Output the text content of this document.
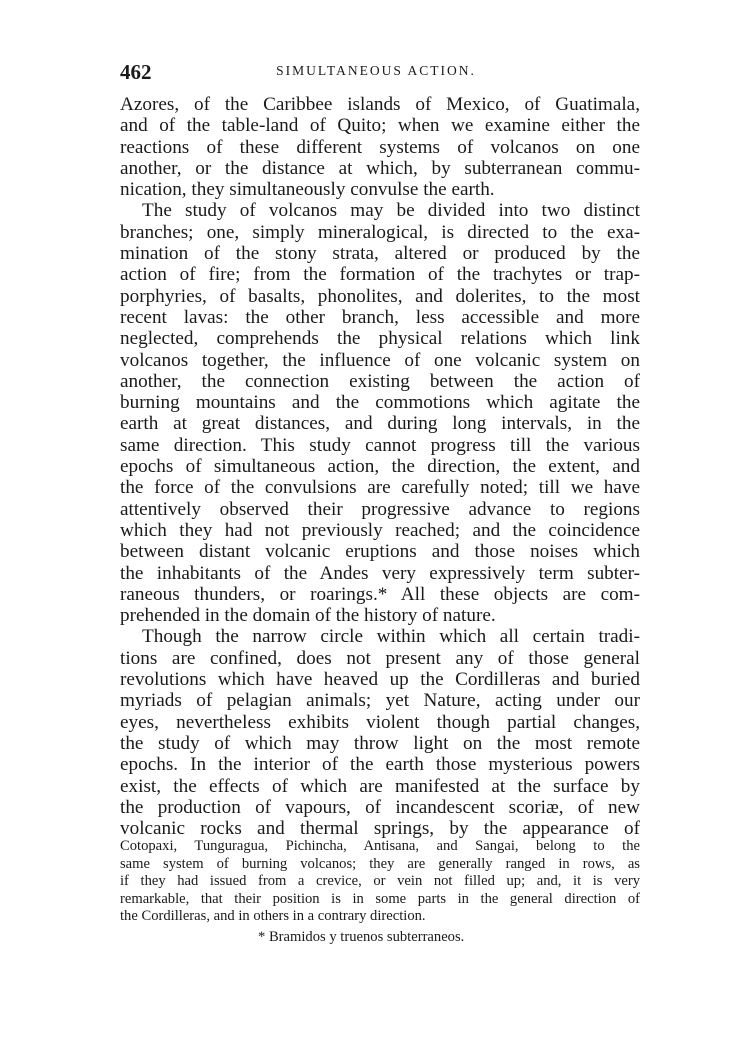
462	SIMULTANEOUS ACTION.
Azores, of the Caribbee islands of Mexico, of Guatimala,
and of the table-land of Quito; when we examine either the
reactions of these different systems of volcanos on one
another, or the distance at which, by subterranean commu-
nication, they simultaneously convulse the earth.
The study of volcanos may be divided into two distinct
branches; one, simply mineralogical, is directed to the exa-
mination of the stony strata, altered or produced by the
action of fire; from the formation of the trachytes or trap-
porphyries, of basalts, phonolites, and dolerites, to the most
recent lavas: the other branch, less accessible and more
neglected, comprehends the physical relations which link
volcanos together, the influence of one volcanic system on
another, the connection existing between the action of
burning mountains and the commotions which agitate the
earth at great distances, and during long intervals, in the
same direction. This study cannot progress till the various
epochs of simultaneous action, the direction, the extent, and
the force of the convulsions are carefully noted; till we have
attentively observed their progressive advance to regions
which they had not previously reached; and the coincidence
between distant volcanic eruptions and those noises which
the inhabitants of the Andes very expressively term subter-
raneous thunders, or roarings.* All these objects are com-
prehended in the domain of the history of nature.
Though the narrow circle within which all certain tradi-
tions are confined, does not present any of those general
revolutions which have heaved up the Cordilleras and buried
myriads of pelagian animals; yet Nature, acting under our
eyes, nevertheless exhibits violent though partial changes,
the study of which may throw light on the most remote
epochs. In the interior of the earth those mysterious powers
exist, the effects of which are manifested at the surface by
the production of vapours, of incandescent scoriæ, of new
volcanic rocks and thermal springs, by the appearance of
Cotopaxi, Tunguragua, Pichincha, Antisana, and Sangai, belong to the
same system of burning volcanos; they are generally ranged in rows, as
if they had issued from a crevice, or vein not filled up; and, it is very
remarkable, that their position is in some parts in the general direction of
the Cordilleras, and in others in a contrary direction.
* Bramidos y truenos subterraneos.
